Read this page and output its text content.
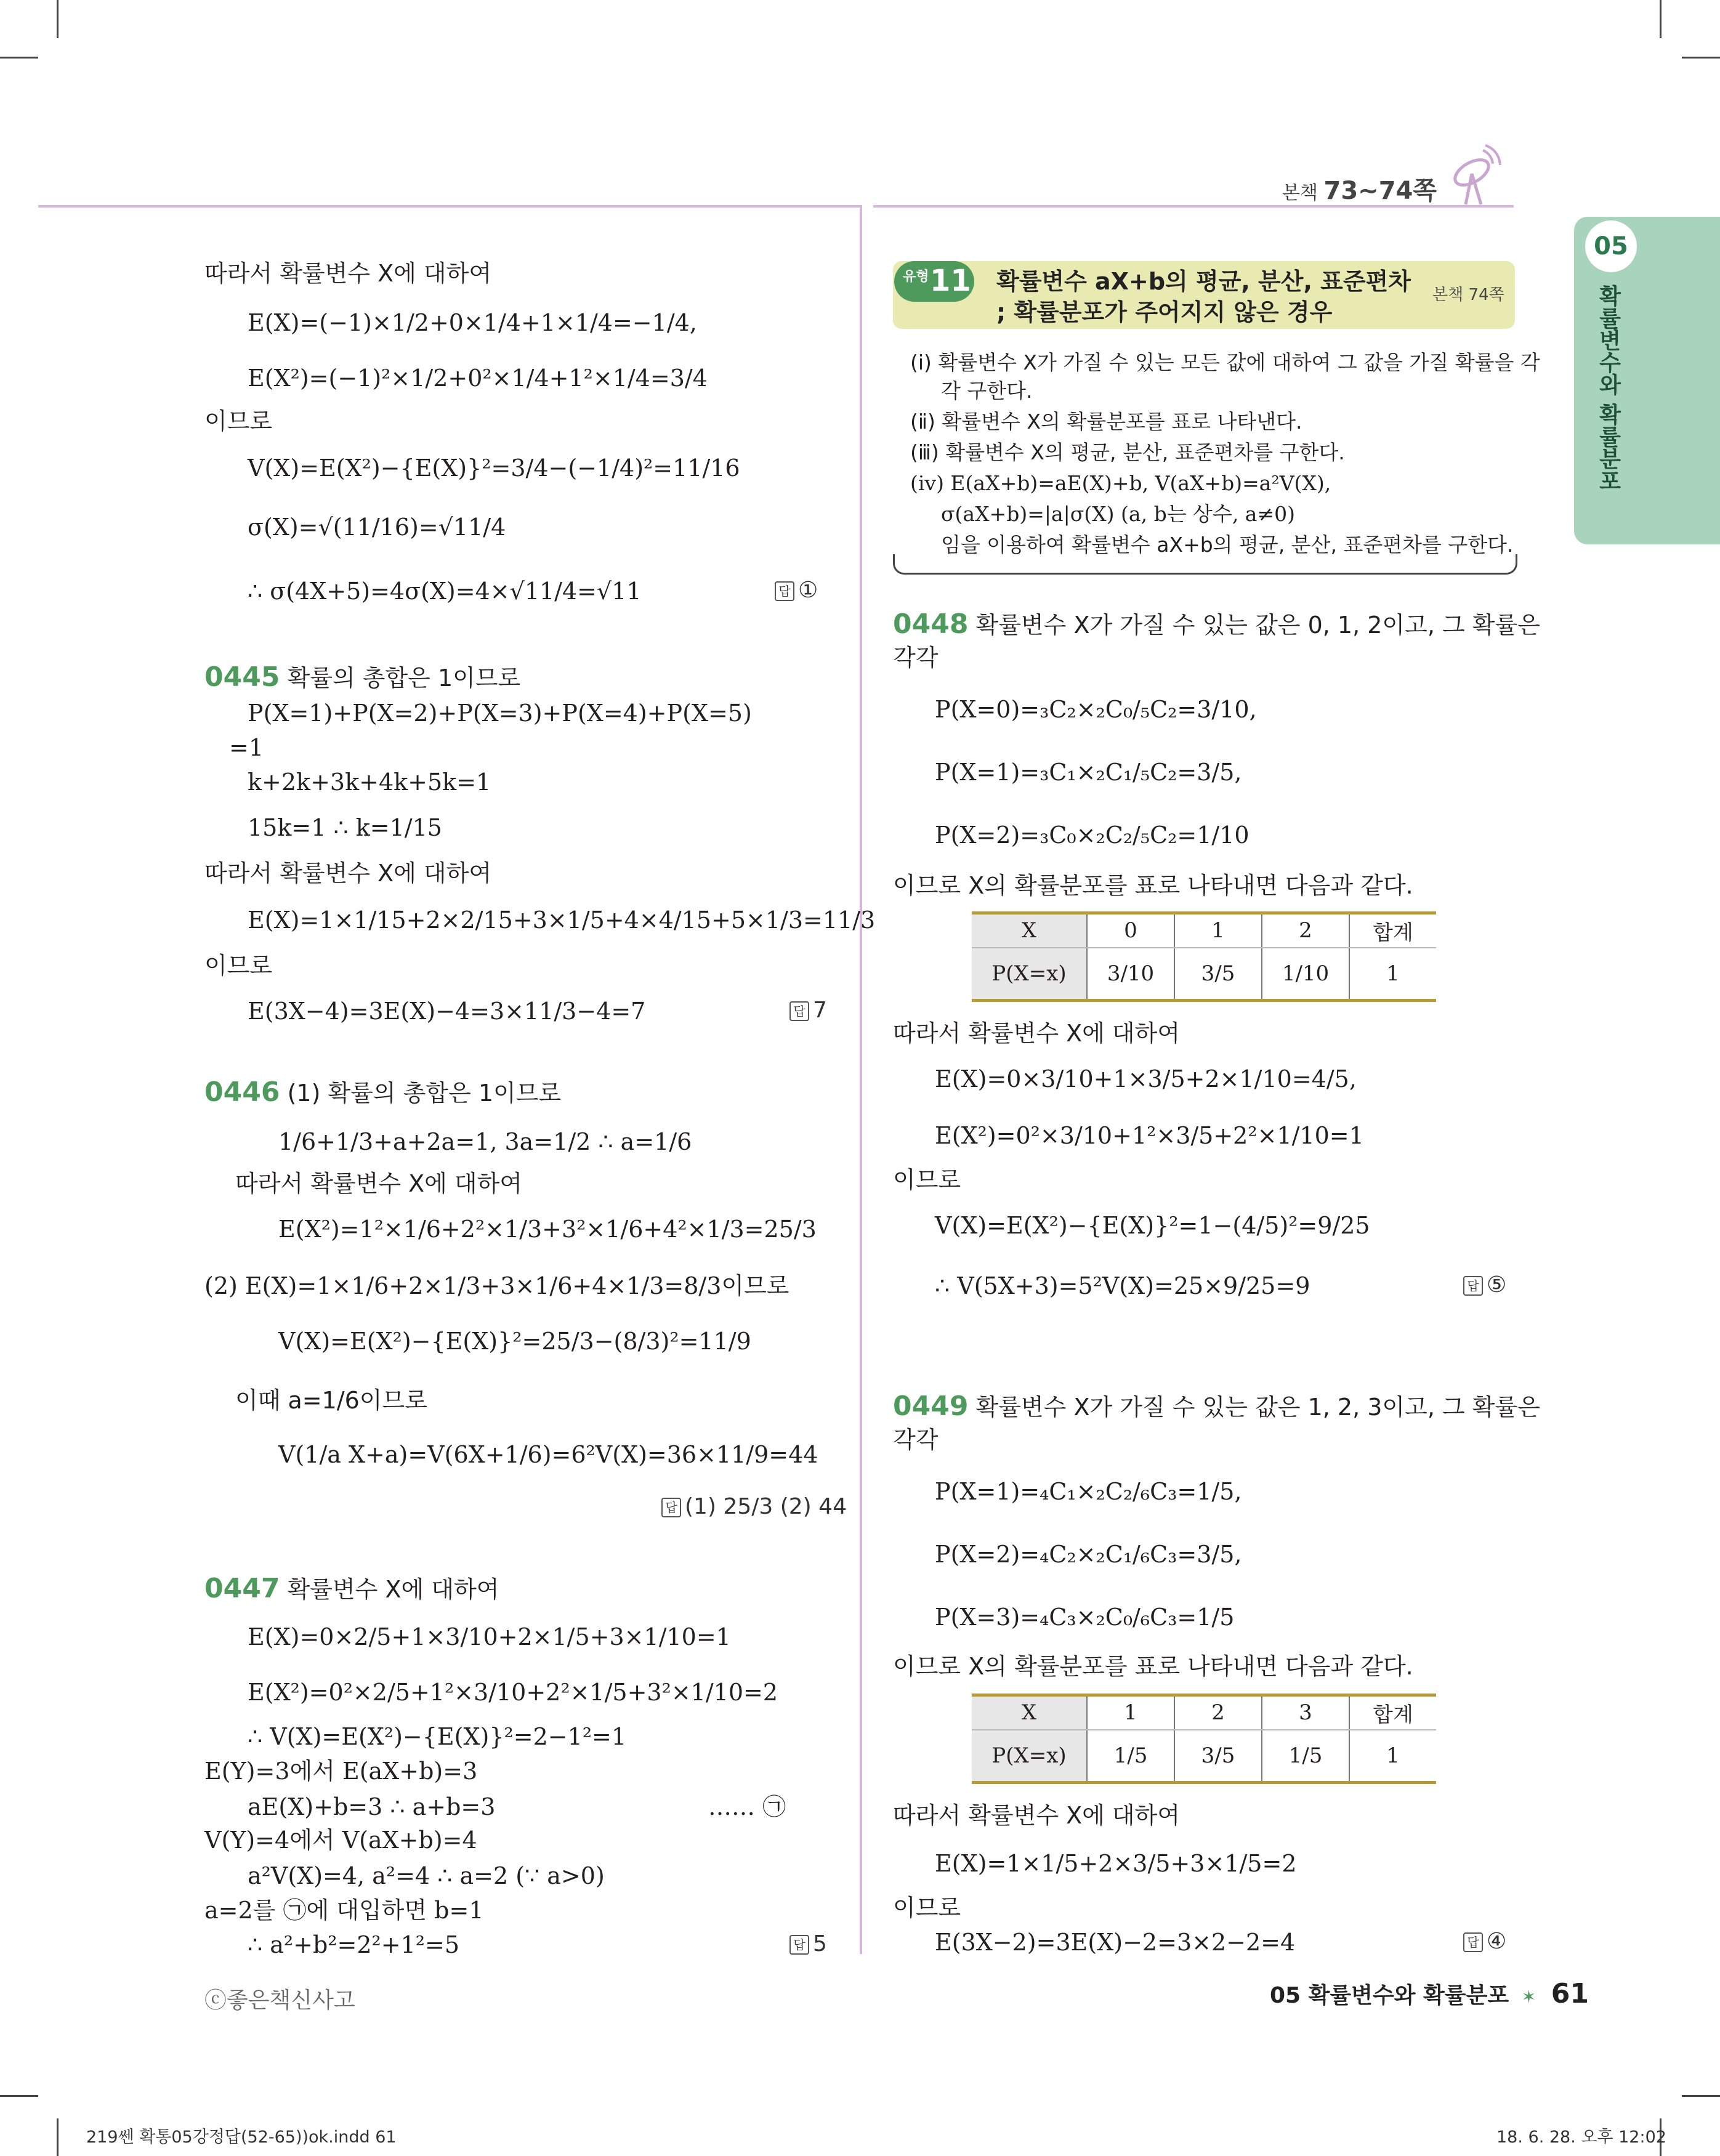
본책 73~74쪽
05
확률변수와 확률분포
따라서 확률변수 X에 대하여
E(X)=(−1)×1/2+0×1/4+1×1/4=−1/4,
E(X²)=(−1)²×1/2+0²×1/4+1²×1/4=3/4
이므로
V(X)=E(X²)−{E(X)}²=3/4−(−1/4)²=11/16
σ(X)=√(11/16)=√11/4
∴ σ(4X+5)=4σ(X)=4×√11/4=√11	답 ①
0445 확률의 총합은 1이므로
P(X=1)+P(X=2)+P(X=3)+P(X=4)+P(X=5)
=1
k+2k+3k+4k+5k=1
15k=1 ∴ k=1/15
따라서 확률변수 X에 대하여
E(X)=1×1/15+2×2/15+3×1/5+4×4/15+5×1/3=11/3
이므로
E(3X−4)=3E(X)−4=3×11/3−4=7	답 7
0446 (1) 확률의 총합은 1이므로
1/6+1/3+a+2a=1, 3a=1/2 ∴ a=1/6
따라서 확률변수 X에 대하여
E(X²)=1²×1/6+2²×1/3+3²×1/6+4²×1/3=25/3
(2) E(X)=1×1/6+2×1/3+3×1/6+4×1/3=8/3이므로
V(X)=E(X²)−{E(X)}²=25/3−(8/3)²=11/9
이때 a=1/6이므로
V(1/a X+a)=V(6X+1/6)=6²V(X)=36×11/9=44
답 (1) 25/3 (2) 44
0447 확률변수 X에 대하여
E(X)=0×2/5+1×3/10+2×1/5+3×1/10=1
E(X²)=0²×2/5+1²×3/10+2²×1/5+3²×1/10=2
∴ V(X)=E(X²)−{E(X)}²=2−1²=1
E(Y)=3에서 E(aX+b)=3
aE(X)+b=3 ∴ a+b=3	…… ㉠
V(Y)=4에서 V(aX+b)=4
a²V(X)=4, a²=4 ∴ a=2 (∵ a>0)
a=2를 ㉠에 대입하면 b=1
∴ a²+b²=2²+1²=5	답 5
ⓒ좋은책신사고
유형 11 확률변수 aX+b의 평균, 분산, 표준편차
; 확률분포가 주어지지 않은 경우
본책 74쪽
(ⅰ) 확률변수 X가 가질 수 있는 모든 값에 대하여 그 값을 가질 확률을 각
각 구한다.
(ⅱ) 확률변수 X의 확률분포를 표로 나타낸다.
(ⅲ) 확률변수 X의 평균, 분산, 표준편차를 구한다.
(ⅳ) E(aX+b)=aE(X)+b, V(aX+b)=a²V(X),
σ(aX+b)=|a|σ(X) (a, b는 상수, a≠0)
임을 이용하여 확률변수 aX+b의 평균, 분산, 표준편차를 구한다.
0448 확률변수 X가 가질 수 있는 값은 0, 1, 2이고, 그 확률은
각각
P(X=0)=₃C₂×₂C₀/₅C₂=3/10,
P(X=1)=₃C₁×₂C₁/₅C₂=3/5,
P(X=2)=₃C₀×₂C₂/₅C₂=1/10
이므로 X의 확률분포를 표로 나타내면 다음과 같다.
X	0	1	2	합계
P(X=x)	3/10	3/5	1/10	1
따라서 확률변수 X에 대하여
E(X)=0×3/10+1×3/5+2×1/10=4/5,
E(X²)=0²×3/10+1²×3/5+2²×1/10=1
이므로
V(X)=E(X²)−{E(X)}²=1−(4/5)²=9/25
∴ V(5X+3)=5²V(X)=25×9/25=9	답 ⑤
0449 확률변수 X가 가질 수 있는 값은 1, 2, 3이고, 그 확률은
각각
P(X=1)=₄C₁×₂C₂/₆C₃=1/5,
P(X=2)=₄C₂×₂C₁/₆C₃=3/5,
P(X=3)=₄C₃×₂C₀/₆C₃=1/5
이므로 X의 확률분포를 표로 나타내면 다음과 같다.
X	1	2	3	합계
P(X=x)	1/5	3/5	1/5	1
따라서 확률변수 X에 대하여
E(X)=1×1/5+2×3/5+3×1/5=2
이므로
E(3X−2)=3E(X)−2=3×2−2=4	답 ④
05 확률변수와 확률분포 ✶ 61
219쎈 확통05강정답(52-65))ok.indd 61	18. 6. 28. 오후 12:02
